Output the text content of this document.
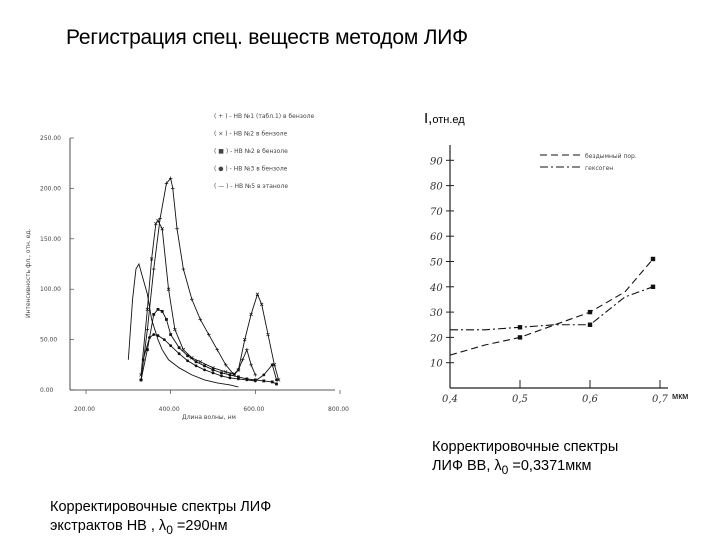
Регистрация спец. веществ методом ЛИФ
0.00
50.00
100.00
150.00
200.00
250.00
200.00	400.00	600.00	800.00
( + ) - НВ №1 (табл.1) в бензоле
( × ) - НВ №2 в бензоле
( ■ ) - НВ №2 в бензоле
( ● ) - НВ №3 в бензоле
( — ) - НВ №5 в этаноле
Длина волны, нм
Интенсивность фл., отн. ед.
10
20
30
40
50
60
70
80
90
0,4	0,5	0,6	0,7
бездымный пор.
гексоген
I,отн.ед
мкм
Корректировочные спектры
ЛИФ ВВ, $\lambda_0 =0,3371мкм$
Корректировочные спектры ЛИФ
экстрактов НВ , $\lambda_0 =290нм$
